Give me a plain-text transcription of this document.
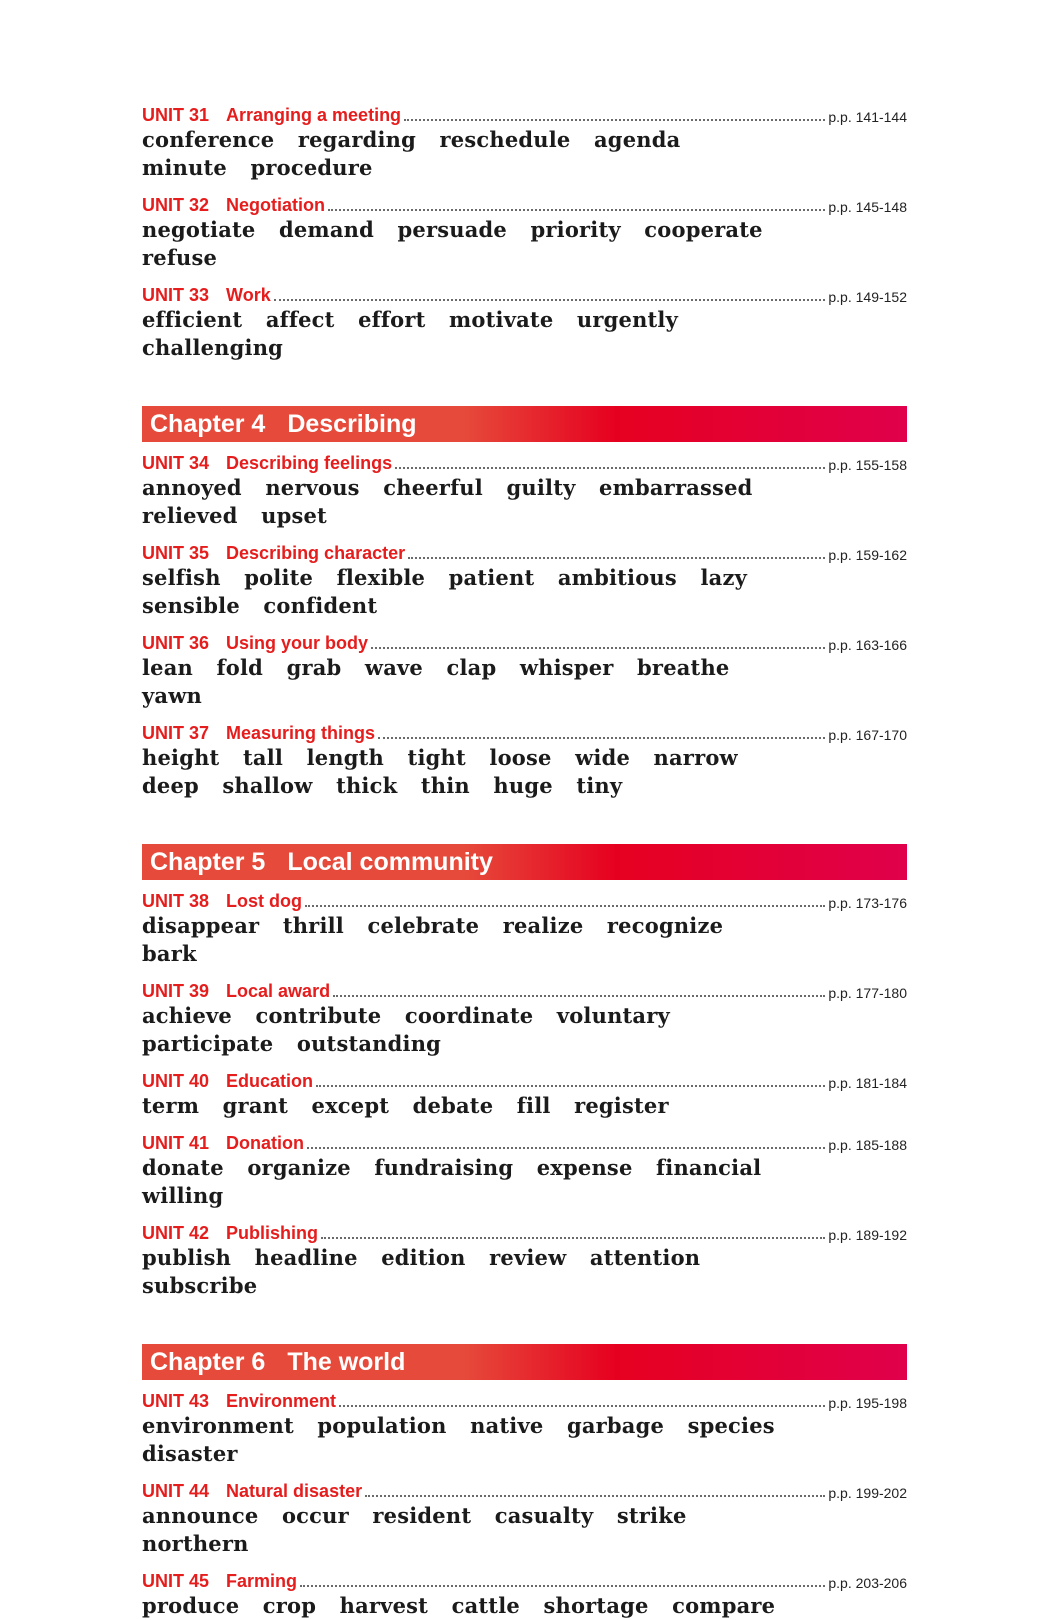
UNIT 31 Arranging a meeting	p.p. 141-144
conference regarding reschedule agenda minute procedure
UNIT 32 Negotiation	p.p. 145-148
negotiate demand persuade priority cooperate refuse
UNIT 33 Work	p.p. 149-152
efficient affect effort motivate urgently challenging
Chapter 4 Describing
UNIT 34 Describing feelings	p.p. 155-158
annoyed nervous cheerful guilty embarrassed relieved upset
UNIT 35 Describing character	p.p. 159-162
selfish polite flexible patient ambitious lazy sensible confident
UNIT 36 Using your body	p.p. 163-166
lean fold grab wave clap whisper breathe yawn
UNIT 37 Measuring things	p.p. 167-170
height tall length tight loose wide narrow deep shallow thick thin huge tiny
Chapter 5 Local community
UNIT 38 Lost dog	p.p. 173-176
disappear thrill celebrate realize recognize bark
UNIT 39 Local award	p.p. 177-180
achieve contribute coordinate voluntary participate outstanding
UNIT 40 Education	p.p. 181-184
term grant except debate fill register
UNIT 41 Donation	p.p. 185-188
donate organize fundraising expense financial willing
UNIT 42 Publishing	p.p. 189-192
publish headline edition review attention subscribe
Chapter 6 The world
UNIT 43 Environment	p.p. 195-198
environment population native garbage species disaster
UNIT 44 Natural disaster	p.p. 199-202
announce occur resident casualty strike northern
UNIT 45 Farming	p.p. 203-206
produce crop harvest cattle shortage compare
